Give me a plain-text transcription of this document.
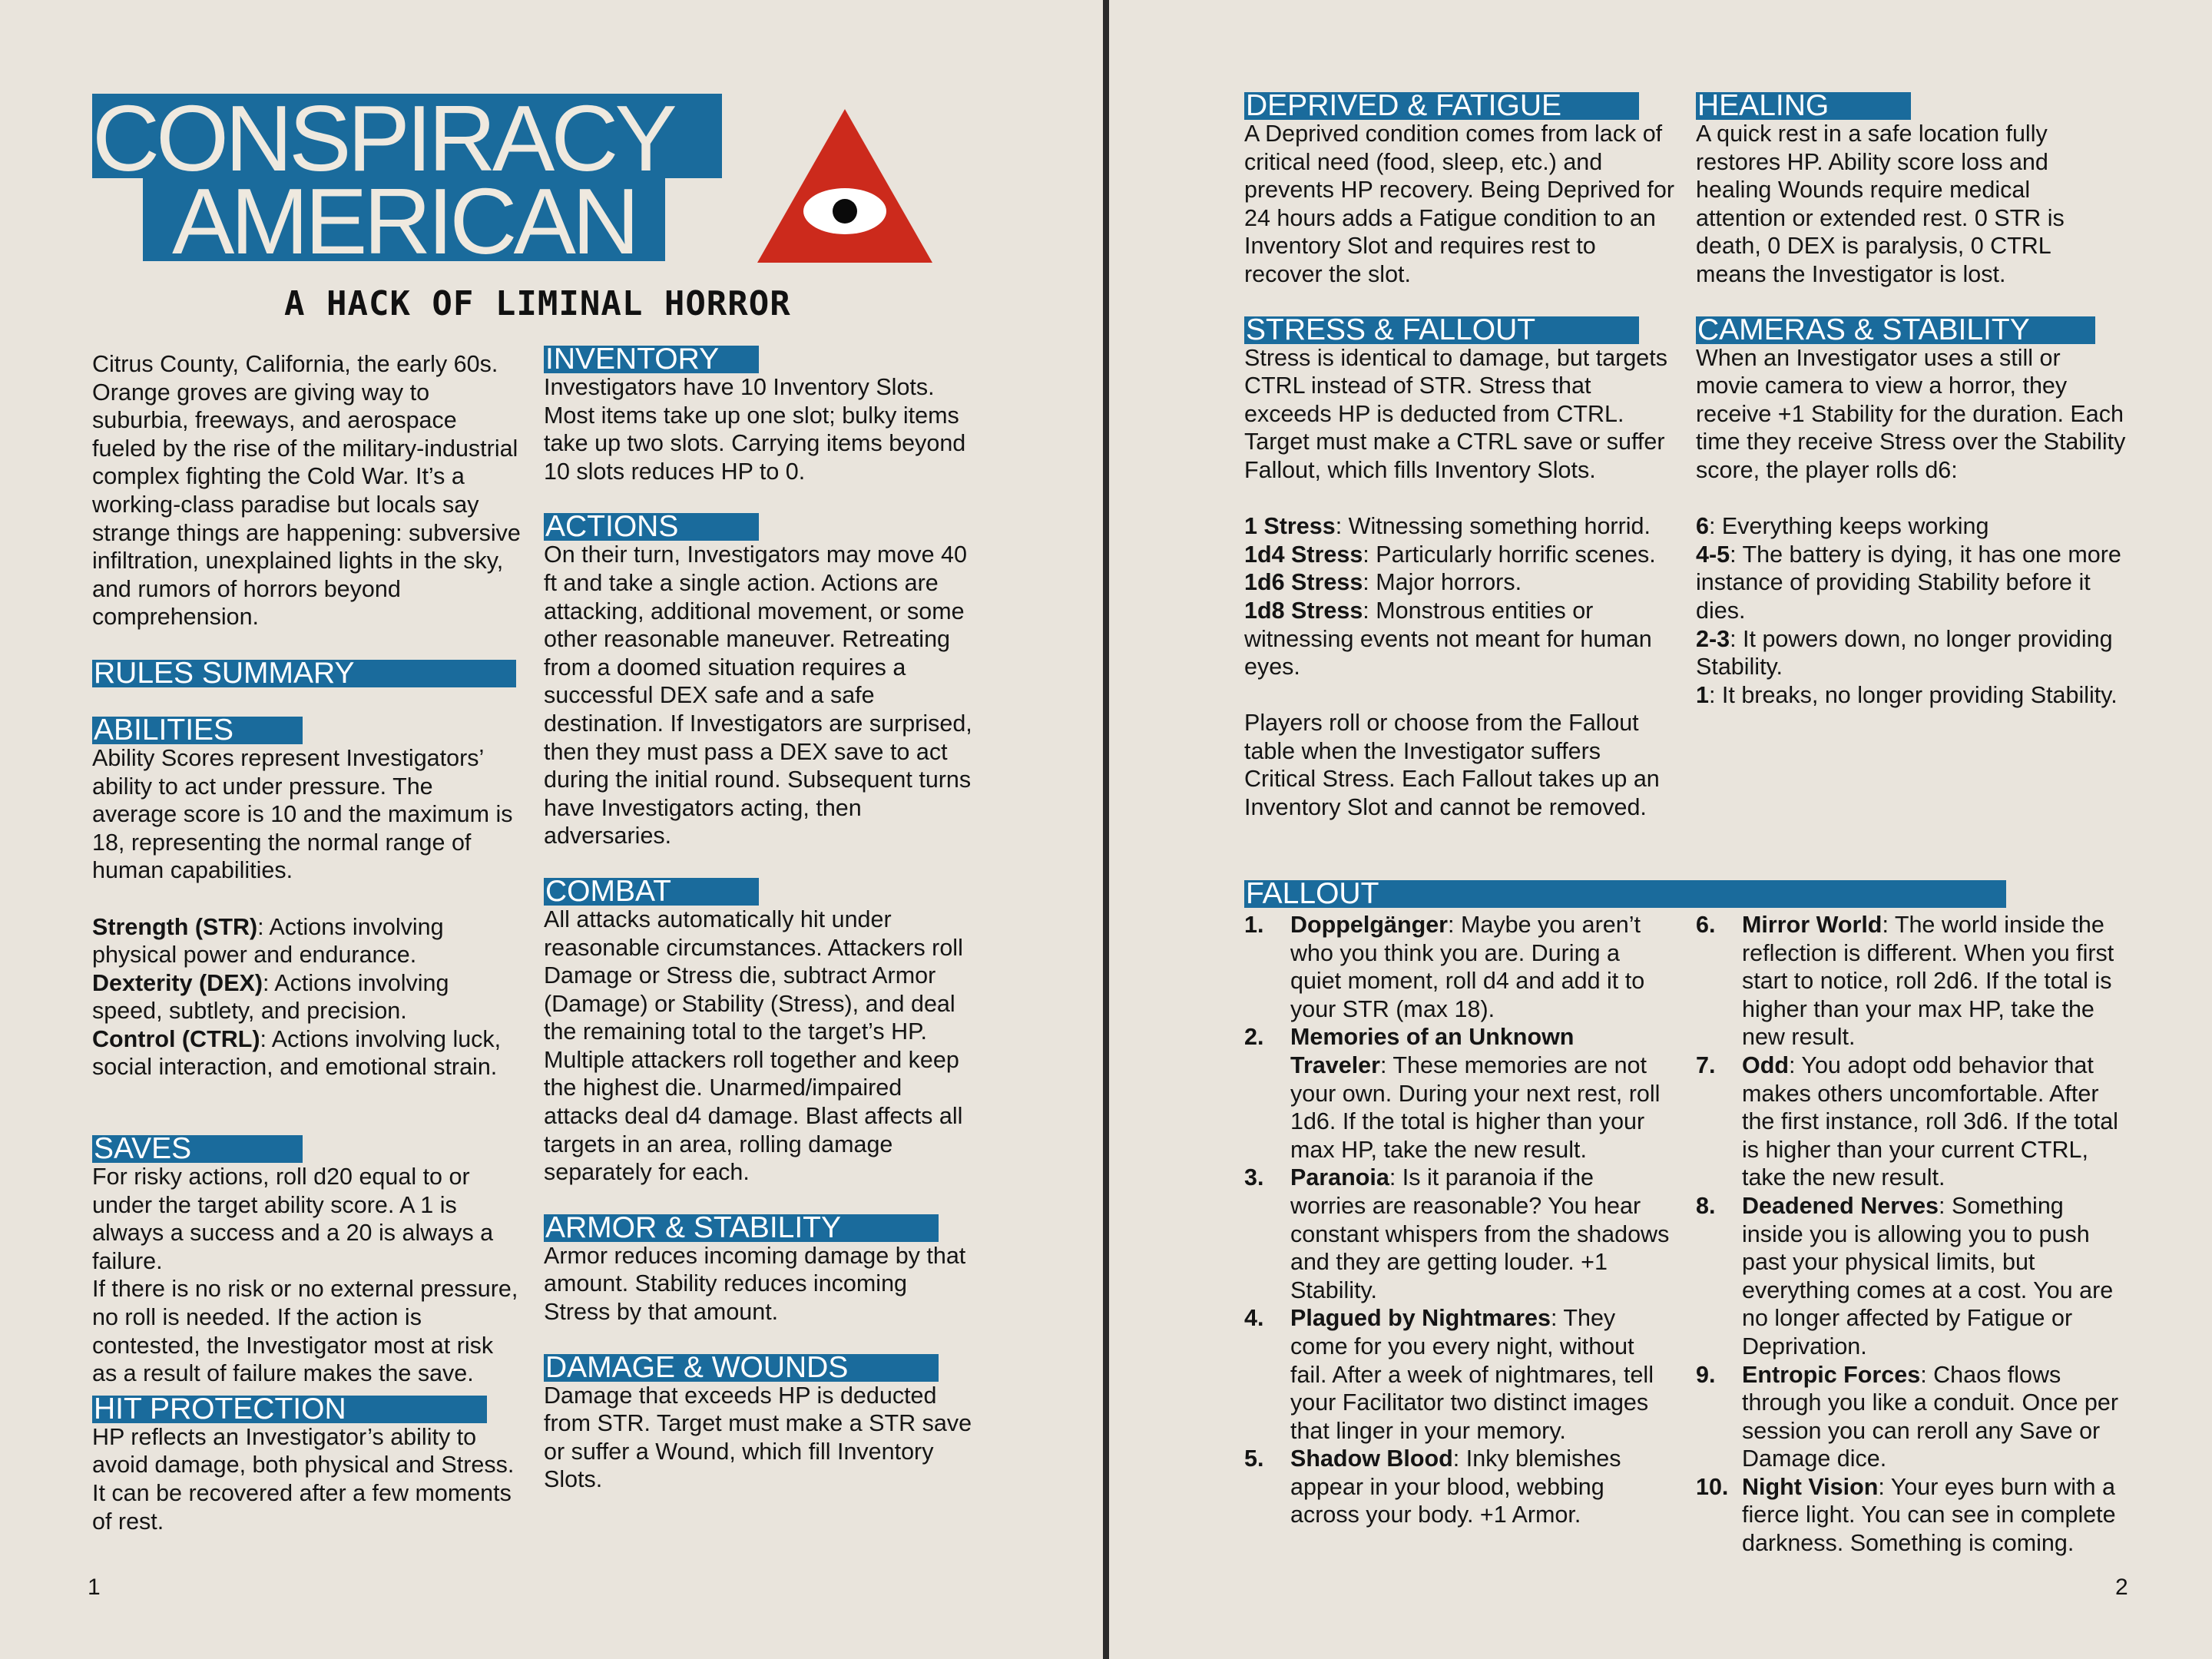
CONSPIRACY
AMERICAN
A HACK OF LIMINAL HORROR

Citrus County, California, the early 60s. Orange groves are giving way to suburbia, freeways, and aerospace fueled by the rise of the military-industrial complex fighting the Cold War. It’s a working-class paradise but locals say strange things are happening: subversive infiltration, unexplained lights in the sky, and rumors of horrors beyond comprehension.

RULES SUMMARY
ABILITIES

Ability Scores represent Investigators’ ability to act under pressure. The average score is 10 and the maximum is 18, representing the normal range of human capabilities.

Strength (STR): Actions involving physical power and endurance.

Dexterity (DEX): Actions involving speed, subtlety, and precision.

Control (CTRL): Actions involving luck, social interaction, and emotional strain.

SAVES

For risky actions, roll d20 equal to or under the target ability score. A 1 is always a success and a 20 is always a failure.

If there is no risk or no external pressure, no roll is needed. If the action is contested, the Investigator most at risk as a result of failure makes the save.

HIT PROTECTION

HP reflects an Investigator’s ability to avoid damage, both physical and Stress. It can be recovered after a few moments of rest.

INVENTORY

Investigators have 10 Inventory Slots. Most items take up one slot; bulky items take up two slots. Carrying items beyond 10 slots reduces HP to 0.

ACTIONS

On their turn, Investigators may move 40 ft and take a single action. Actions are attacking, additional movement, or some other reasonable maneuver. Retreating from a doomed situation requires a successful DEX safe and a safe destination. If Investigators are surprised, then they must pass a DEX save to act during the initial round. Subsequent turns have Investigators acting, then adversaries.

COMBAT

All attacks automatically hit under reasonable circumstances. Attackers roll Damage or Stress die, subtract Armor (Damage) or Stability (Stress), and deal the remaining total to the target’s HP. Multiple attackers roll together and keep the highest die. Unarmed/impaired attacks deal d4 damage. Blast affects all targets in an area, rolling damage separately for each.

ARMOR & STABILITY

Armor reduces incoming damage by that amount. Stability reduces incoming Stress by that amount.

DAMAGE & WOUNDS

Damage that exceeds HP is deducted from STR. Target must make a STR save or suffer a Wound, which fill Inventory Slots.

1
DEPRIVED & FATIGUE

A Deprived condition comes from lack of critical need (food, sleep, etc.) and prevents HP recovery. Being Deprived for 24 hours adds a Fatigue condition to an Inventory Slot and requires rest to recover the slot.

STRESS & FALLOUT

Stress is identical to damage, but targets CTRL instead of STR. Stress that exceeds HP is deducted from CTRL. Target must make a CTRL save or suffer Fallout, which fills Inventory Slots.

1 Stress: Witnessing something horrid.

1d4 Stress: Particularly horrific scenes.

1d6 Stress: Major horrors.

1d8 Stress: Monstrous entities or witnessing events not meant for human eyes.

Players roll or choose from the Fallout table when the Investigator suffers Critical Stress. Each Fallout takes up an Inventory Slot and cannot be removed.

HEALING

A quick rest in a safe location fully restores HP. Ability score loss and healing Wounds require medical attention or extended rest. 0 STR is death, 0 DEX is paralysis, 0 CTRL means the Investigator is lost.

CAMERAS & STABILITY

When an Investigator uses a still or movie camera to view a horror, they receive +1 Stability for the duration. Each time they receive Stress over the Stability score, the player rolls d6:

6: Everything keeps working

4-5: The battery is dying, it has one more instance of providing Stability before it dies.

2-3: It powers down, no longer providing Stability.

1: It breaks, no longer providing Stability.

FALLOUT
1. Doppelgänger: Maybe you aren’t who you think you are. During a quiet moment, roll d4 and add it to your STR (max 18).
2. Memories of an Unknown Traveler: These memories are not your own. During your next rest, roll 1d6. If the total is higher than your max HP, take the new result.
3. Paranoia: Is it paranoia if the worries are reasonable? You hear constant whispers from the shadows and they are getting louder. +1 Stability.
4. Plagued by Nightmares: They come for you every night, without fail. After a week of nightmares, tell your Facilitator two distinct images that linger in your memory.
5. Shadow Blood: Inky blemishes appear in your blood, webbing across your body. +1 Armor.
6. Mirror World: The world inside the reflection is different. When you first start to notice, roll 2d6. If the total is higher than your max HP, take the new result.
7. Odd: You adopt odd behavior that makes others uncomfortable. After the first instance, roll 3d6. If the total is higher than your current CTRL, take the new result.
8. Deadened Nerves: Something inside you is allowing you to push past your physical limits, but everything comes at a cost. You are no longer affected by Fatigue or Deprivation.
9. Entropic Forces: Chaos flows through you like a conduit. Once per session you can reroll any Save or Damage dice.
10. Night Vision: Your eyes burn with a fierce light. You can see in complete darkness. Something is coming.
2
